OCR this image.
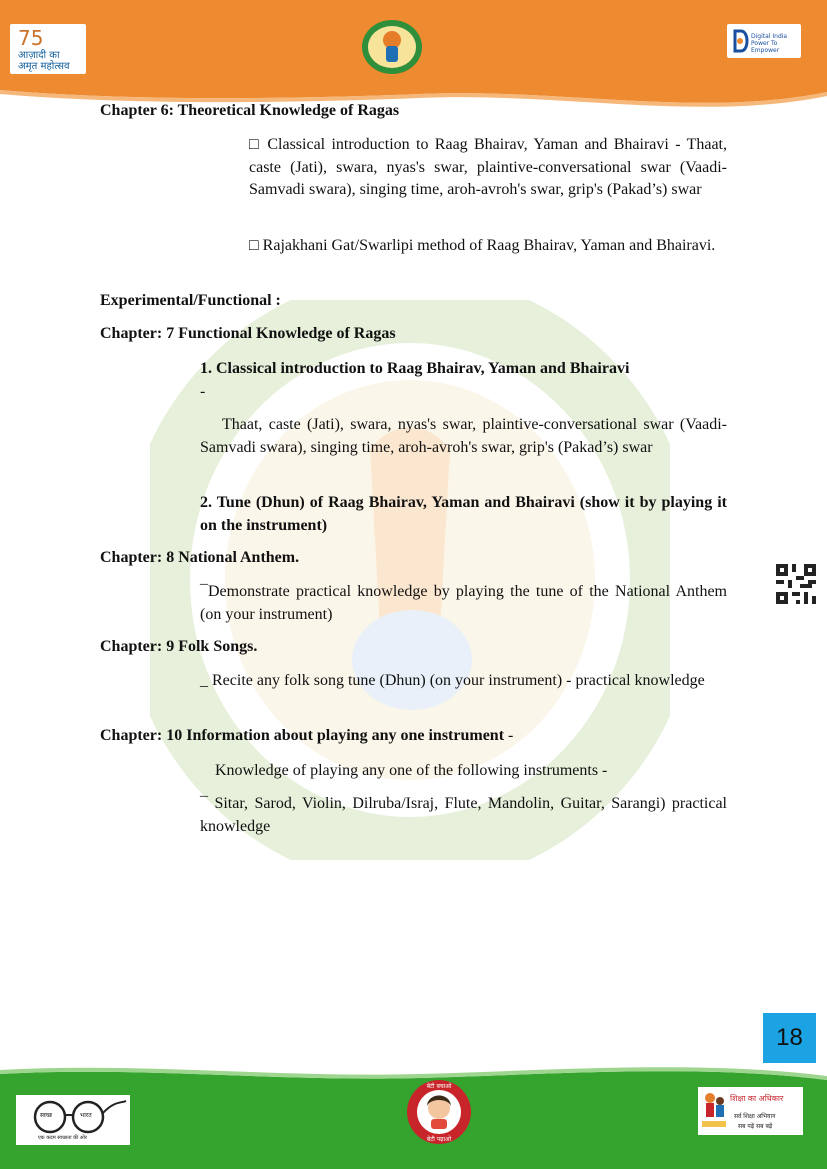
75
आज़ादी का
अमृत महोत्सव
Digital India
Power To Empower
Chapter 6: Theoretical Knowledge of Ragas
□ Classical introduction to Raag Bhairav, Yaman and Bhairavi - Thaat, caste (Jati), swara, nyas's swar, plaintive-conversational swar (Vaadi-Samvadi swara), singing time, aroh-avroh's swar, grip's (Pakad’s) swar
□ Rajakhani Gat/Swarlipi method of Raag Bhairav, Yaman and Bhairavi.
Experimental/Functional :
Chapter: 7 Functional Knowledge of Ragas
1. Classical introduction to Raag Bhairav, Yaman and Bhairavi
-
Thaat, caste (Jati), swara, nyas's swar, plaintive-conversational swar (Vaadi-Samvadi swara), singing time, aroh-avroh's swar, grip's (Pakad’s) swar
2. Tune (Dhun) of Raag Bhairav, Yaman and Bhairavi (show it by playing it on the instrument)
Chapter: 8 National Anthem.
¯Demonstrate practical knowledge by playing the tune of the National Anthem (on your instrument)
Chapter: 9 Folk Songs.
_ Recite any folk song tune (Dhun) (on your instrument) - practical knowledge
Chapter: 10 Information about playing any one instrument -
Knowledge of playing any one of the following instruments -
¯ Sitar, Sarod, Violin, Dilruba/Israj, Flute, Mandolin, Guitar, Sarangi) practical knowledge
18
स्वच्छ	भारत
एक कदम स्वच्छता की ओर
बेटी बचाओ
बेटी पढ़ाओ
शिक्षा का अधिकार
सर्व शिक्षा अभियान
सब पढ़ें सब बढ़ें
